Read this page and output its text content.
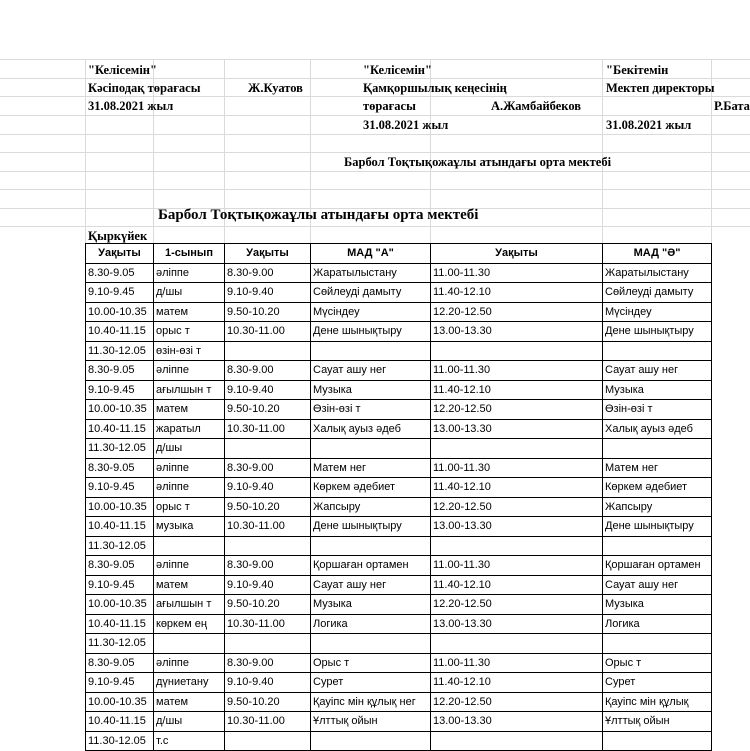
"Келісемін"
Кәсіподақ төрағасы	Ж.Куатов
31.08.2021 жыл
"Келісемін"
Қамқоршылық кеңесінің
төрағасы	А.Жамбайбеков
31.08.2021 жыл
"Бекітемін
Мектеп директоры
Р.Бата
31.08.2021 жыл
Барбол Тоқтықожаұлы атындағы орта мектебі
Барбол Тоқтықожаұлы атындағы орта мектебі
Қыркүйек
Уақыты	1-сынып	Уақыты	МАД "А"	Уақыты	МАД "Ә"
8.30-9.05	әліппе	8.30-9.00	Жаратылыстану	11.00-11.30	Жаратылыстану
9.10-9.45	д/шы	9.10-9.40	Сөйлеудi дамыту	11.40-12.10	Сөйлеудi дамыту
10.00-10.35	матем	9.50-10.20	Мүсіндеу	12.20-12.50	Мүсіндеу
10.40-11.15	орыс т	10.30-11.00	Дене шынықтыру	13.00-13.30	Дене шынықтыру
11.30-12.05	өзін-өзі т				
8.30-9.05	әліппе	8.30-9.00	Сауат ашу нег	11.00-11.30	Сауат ашу нег
9.10-9.45	ағылшын т	9.10-9.40	Музыка	11.40-12.10	Музыка
10.00-10.35	матем	9.50-10.20	Өзін-өзі т	12.20-12.50	Өзін-өзі т
10.40-11.15	жаратыл	10.30-11.00	Халық ауыз әдеб	13.00-13.30	Халық ауыз әдеб
11.30-12.05	д/шы				
8.30-9.05	әліппе	8.30-9.00	Матем нег	11.00-11.30	Матем нег
9.10-9.45	әліппе	9.10-9.40	Көркем әдебиет	11.40-12.10	Көркем әдебиет
10.00-10.35	орыс т	9.50-10.20	Жапсыру	12.20-12.50	Жапсыру
10.40-11.15	музыка	10.30-11.00	Дене шынықтыру	13.00-13.30	Дене шынықтыру
11.30-12.05					
8.30-9.05	әліппе	8.30-9.00	Қоршаған ортамен	11.00-11.30	Қоршаған ортамен
9.10-9.45	матем	9.10-9.40	Сауат ашу нег	11.40-12.10	Сауат ашу нег
10.00-10.35	ағылшын т	9.50-10.20	Музыка	12.20-12.50	Музыка
10.40-11.15	көркем ең	10.30-11.00	Логика	13.00-13.30	Логика
11.30-12.05					
8.30-9.05	әліппе	8.30-9.00	Орыс т	11.00-11.30	Орыс т
9.10-9.45	дүниетану	9.10-9.40	Сурет	11.40-12.10	Сурет
10.00-10.35	матем	9.50-10.20	Қауіпс мін құлық нег	12.20-12.50	Қауіпс мін құлық
10.40-11.15	д/шы	10.30-11.00	Ұлттық ойын	13.00-13.30	Ұлттық ойын
11.30-12.05	т.с				
